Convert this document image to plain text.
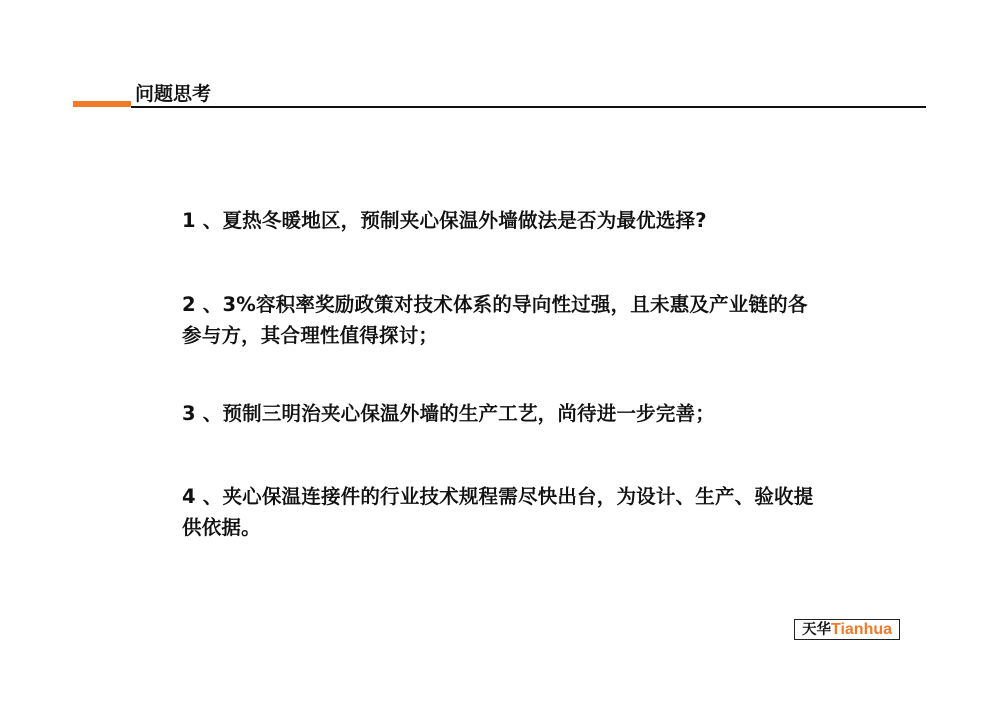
问题思考
1 、夏热冬暖地区，预制夹心保温外墙做法是否为最优选择?
2 、3%容积率奖励政策对技术体系的导向性过强，且未惠及产业链的各参与方，其合理性值得探讨；
3 、预制三明治夹心保温外墙的生产工艺，尚待进一步完善；
4 、夹心保温连接件的行业技术规程需尽快出台，为设计、生产、验收提供依据。
天华 Tianhua
